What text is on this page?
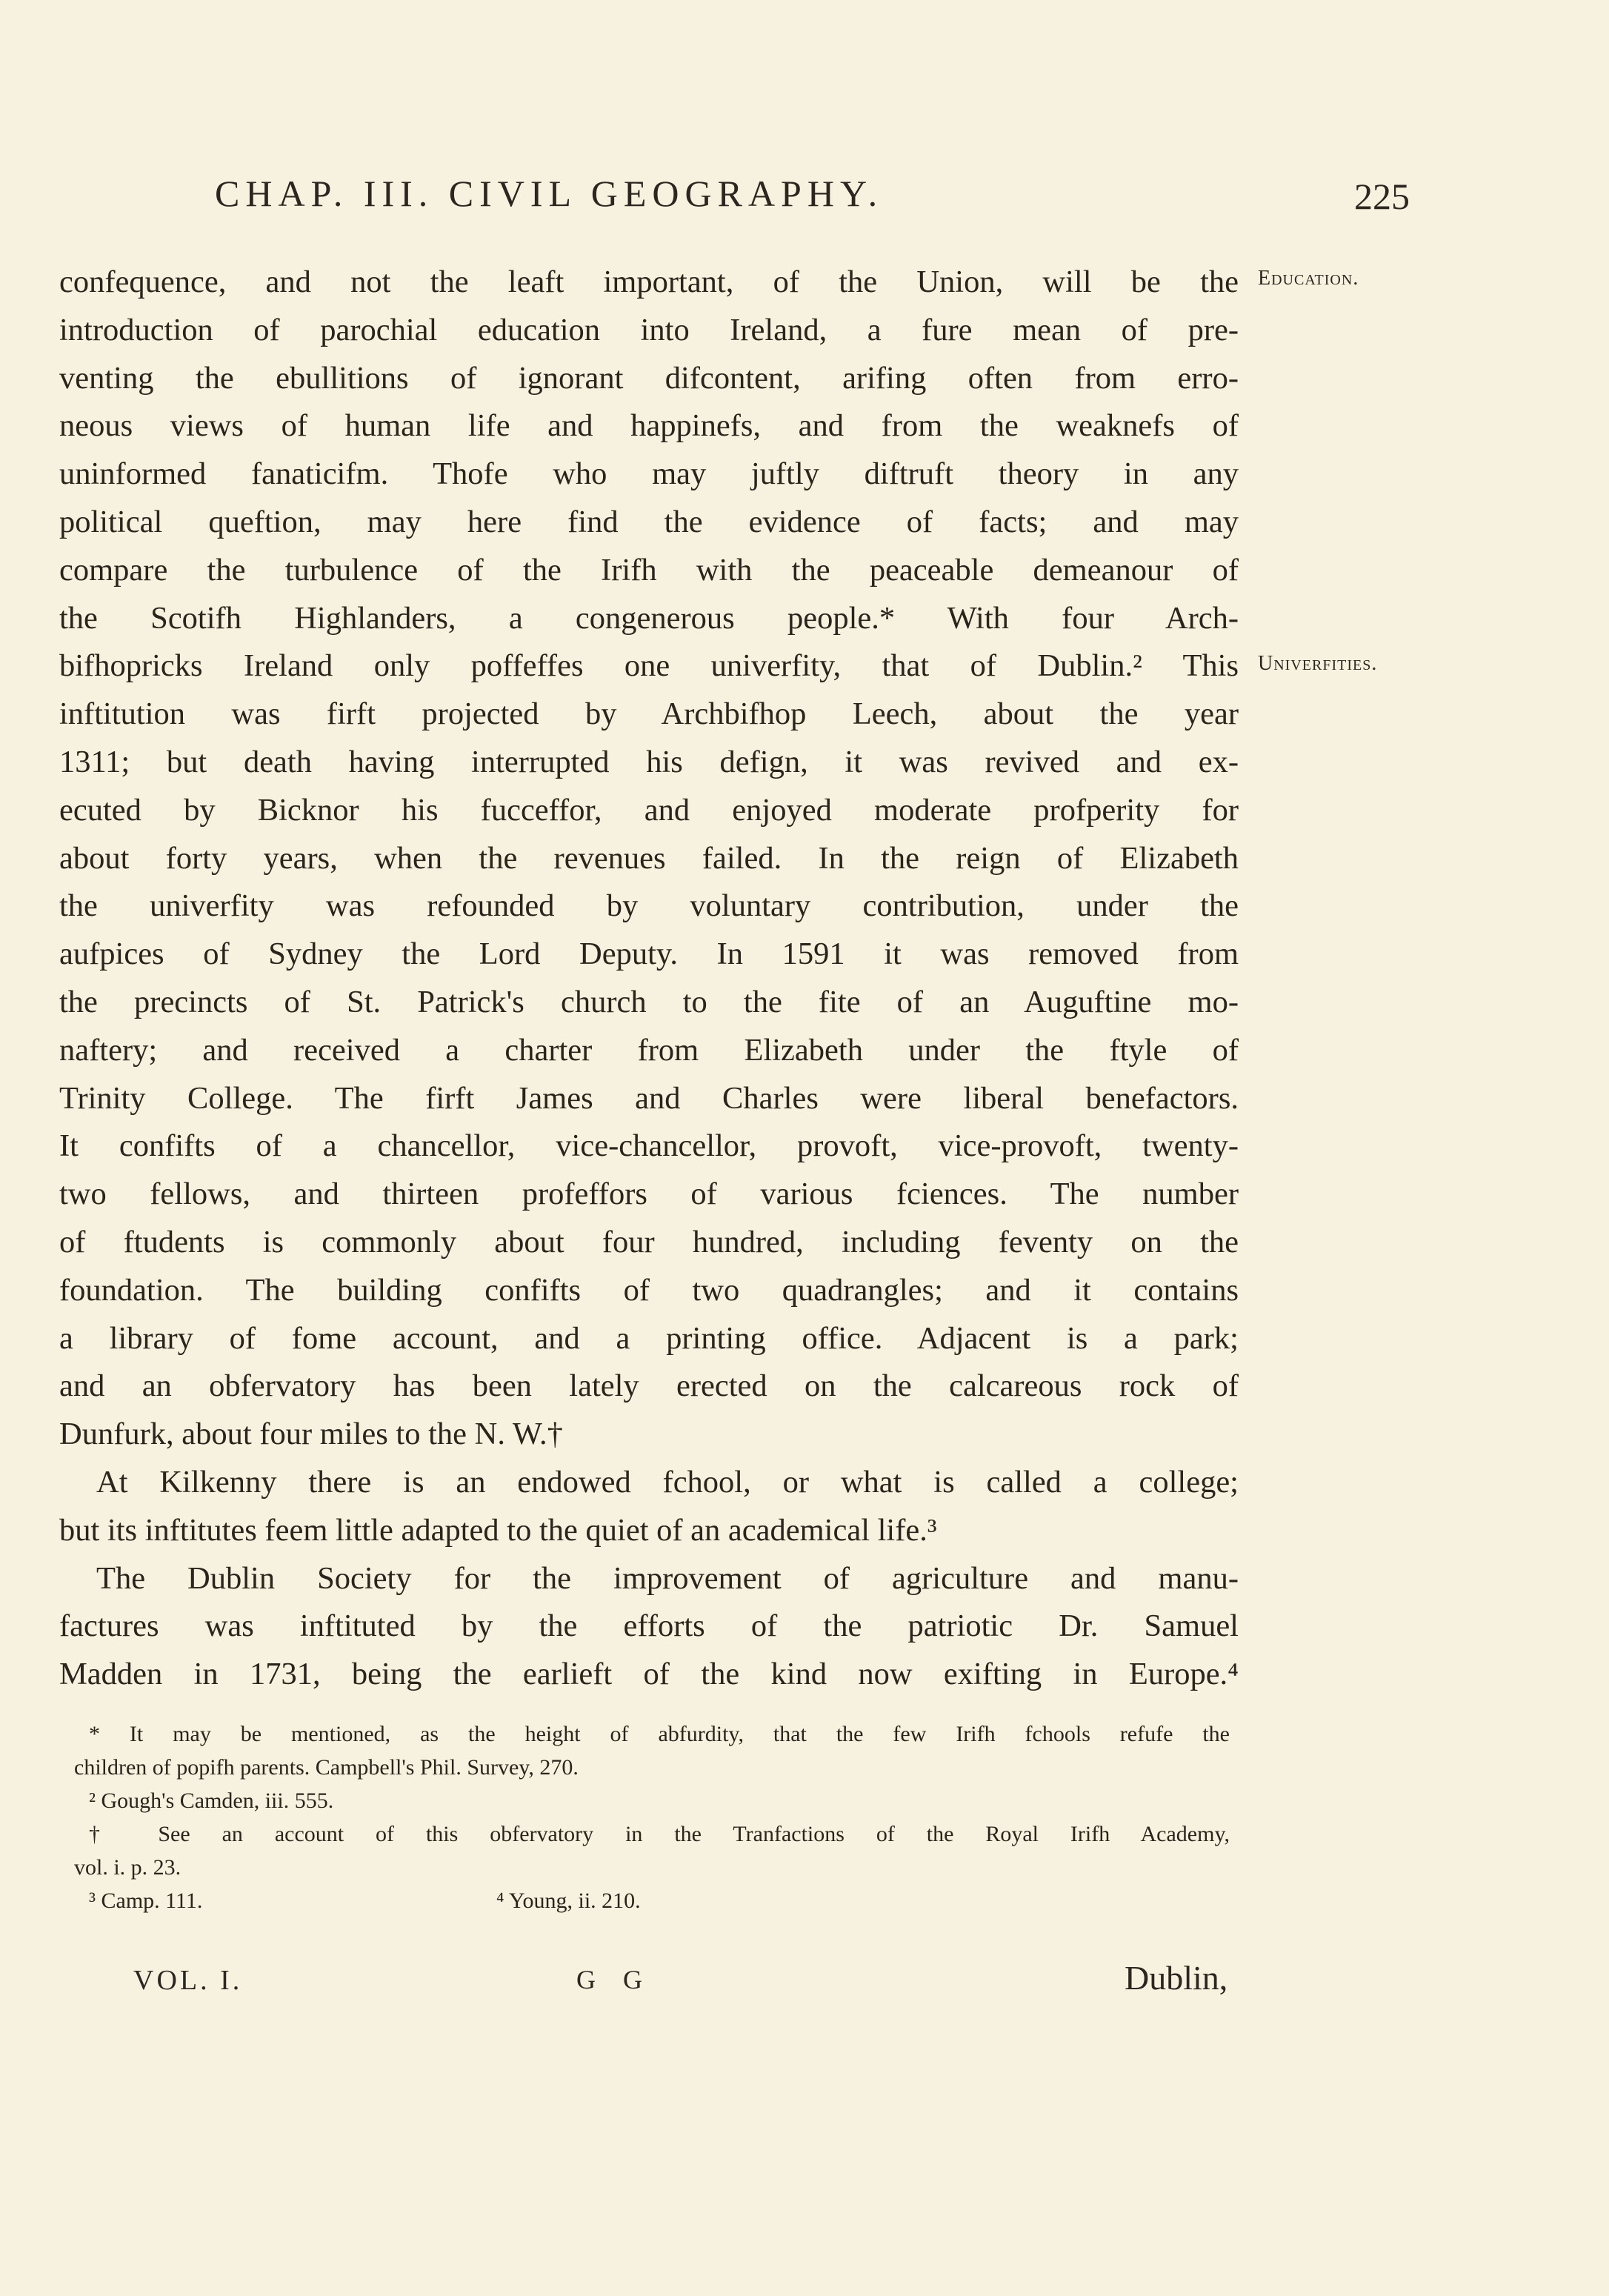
CHAP. III. CIVIL GEOGRAPHY.	225
Education.
Univerfities.
confequence, and not the leaft important, of the Union, will be the
introduction of parochial education into Ireland, a fure mean of pre-
venting the ebullitions of ignorant difcontent, arifing often from erro-
neous views of human life and happinefs, and from the weaknefs of
uninformed fanaticifm. Thofe who may juftly diftruft theory in any
political queftion, may here find the evidence of facts; and may
compare the turbulence of the Irifh with the peaceable demeanour of
the Scotifh Highlanders, a congenerous people.* With four Arch-
bifhopricks Ireland only poffeffes one univerfity, that of Dublin.² This
inftitution was firft projected by Archbifhop Leech, about the year
1311; but death having interrupted his defign, it was revived and ex-
ecuted by Bicknor his fucceffor, and enjoyed moderate profperity for
about forty years, when the revenues failed. In the reign of Elizabeth
the univerfity was refounded by voluntary contribution, under the
aufpices of Sydney the Lord Deputy. In 1591 it was removed from
the precincts of St. Patrick's church to the fite of an Auguftine mo-
naftery; and received a charter from Elizabeth under the ftyle of
Trinity College. The firft James and Charles were liberal benefactors.
It confifts of a chancellor, vice-chancellor, provoft, vice-provoft, twenty-
two fellows, and thirteen profeffors of various fciences. The number
of ftudents is commonly about four hundred, including feventy on the
foundation. The building confifts of two quadrangles; and it contains
a library of fome account, and a printing office. Adjacent is a park;
and an obfervatory has been lately erected on the calcareous rock of
Dunfurk, about four miles to the N. W.†
At Kilkenny there is an endowed fchool, or what is called a college;
but its inftitutes feem little adapted to the quiet of an academical life.³
The Dublin Society for the improvement of agriculture and manu-
factures was inftituted by the efforts of the patriotic Dr. Samuel
Madden in 1731, being the earlieft of the kind now exifting in Europe.⁴
* It may be mentioned, as the height of abfurdity, that the few Irifh fchools refufe the
children of popifh parents. Campbell's Phil. Survey, 270.
² Gough's Camden, iii. 555.
† See an account of this obfervatory in the Tranfactions of the Royal Irifh Academy,
vol. i. p. 23.
³ Camp. 111.	⁴ Young, ii. 210.
VOL. I.	G G	Dublin,
